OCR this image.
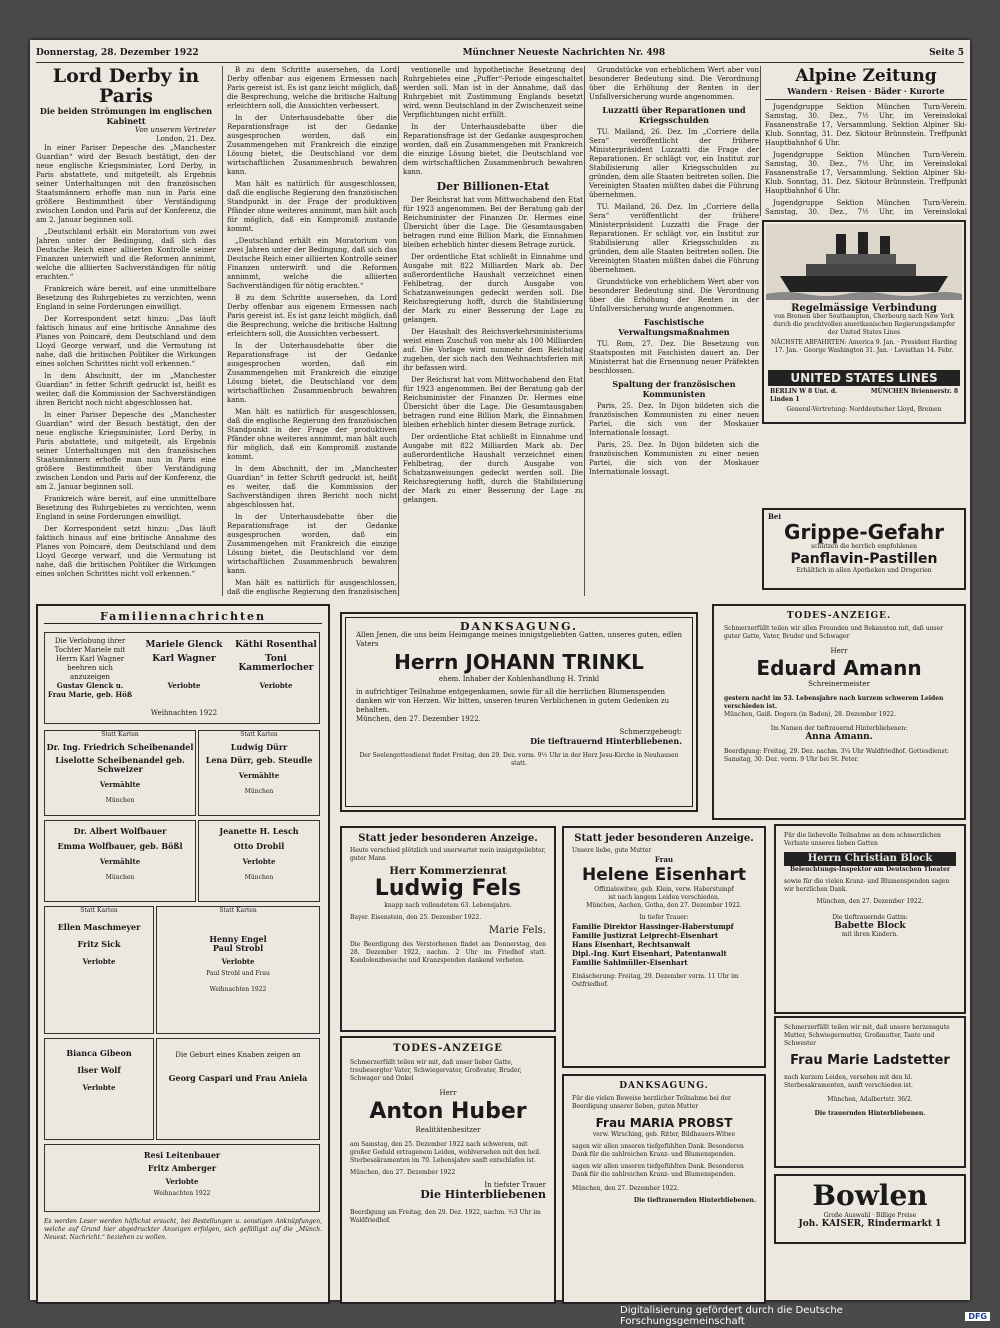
Donnerstag, 28. Dezember 1922	Münchner Neueste Nachrichten Nr. 498	Seite 5
Lord Derby in Paris
Die beiden Strömungen im englischen Kabinett
Von unserem Vertreter
London, 21. Dez.

In einer Pariser Depesche des „Manchester Guardian“ wird der Besuch bestätigt, den der neue englische Kriegsminister, Lord Derby, in Paris abstattete, und mitgeteilt, als Ergebnis seiner Unterhaltungen mit den französischen Staatsmännern erhoffe man nun in Paris eine größere Bestimmtheit über Verständigung zwischen London und Paris auf der Konferenz, die am 2. Januar beginnen soll.

„Deutschland erhält ein Moratorium von zwei Jahren unter der Bedingung, daß sich das Deutsche Reich einer alliierten Kontrolle seiner Finanzen unterwirft und die Reformen annimmt, welche die alliierten Sachverständigen für nötig erachten.“

Frankreich wäre bereit, auf eine unmittelbare Besetzung des Ruhrgebietes zu verzichten, wenn England in seine Forderungen einwilligt.

Der Korrespondent setzt hinzu: „Das läuft faktisch hinaus auf eine britische Annahme des Planes von Poincaré, dem Deutschland und dem Lloyd George verwarf, und die Vermutung ist nahe, daß die britischen Politiker die Wirkungen eines solchen Schrittes nicht voll erkennen.“

In dem Abschnitt, der im „Manchester Guardian“ in fetter Schrift gedruckt ist, heißt es weiter, daß die Kommission der Sachverständigen ihren Bericht noch nicht abgeschlossen hat.

In einer Pariser Depesche des „Manchester Guardian“ wird der Besuch bestätigt, den der neue englische Kriegsminister, Lord Derby, in Paris abstattete, und mitgeteilt, als Ergebnis seiner Unterhaltungen mit den französischen Staatsmännern erhoffe man nun in Paris eine größere Bestimmtheit über Verständigung zwischen London und Paris auf der Konferenz, die am 2. Januar beginnen soll.

Frankreich wäre bereit, auf eine unmittelbare Besetzung des Ruhrgebietes zu verzichten, wenn England in seine Forderungen einwilligt.

Der Korrespondent setzt hinzu: „Das läuft faktisch hinaus auf eine britische Annahme des Planes von Poincaré, dem Deutschland und dem Lloyd George verwarf, und die Vermutung ist nahe, daß die britischen Politiker die Wirkungen eines solchen Schrittes nicht voll erkennen.“

B zu dem Schritte ausersehen, da Lord Derby offenbar aus eigenem Ermessen nach Paris gereist ist. Es ist ganz leicht möglich, daß die Besprechung, welche die britische Haltung erleichtern soll, die Aussichten verbessert.

In der Unterhausdebatte über die Reparationsfrage ist der Gedanke ausgesprochen worden, daß ein Zusammengehen mit Frankreich die einzige Lösung bietet, die Deutschland vor dem wirtschaftlichen Zusammenbruch bewahren kann.

Man hält es natürlich für ausgeschlossen, daß die englische Regierung den französischen Standpunkt in der Frage der produktiven Pfänder ohne weiteres annimmt, man hält auch für möglich, daß ein Kompromiß zustande kommt.

„Deutschland erhält ein Moratorium von zwei Jahren unter der Bedingung, daß sich das Deutsche Reich einer alliierten Kontrolle seiner Finanzen unterwirft und die Reformen annimmt, welche die alliierten Sachverständigen für nötig erachten.“

B zu dem Schritte ausersehen, da Lord Derby offenbar aus eigenem Ermessen nach Paris gereist ist. Es ist ganz leicht möglich, daß die Besprechung, welche die britische Haltung erleichtern soll, die Aussichten verbessert.

In der Unterhausdebatte über die Reparationsfrage ist der Gedanke ausgesprochen worden, daß ein Zusammengehen mit Frankreich die einzige Lösung bietet, die Deutschland vor dem wirtschaftlichen Zusammenbruch bewahren kann.

Man hält es natürlich für ausgeschlossen, daß die englische Regierung den französischen Standpunkt in der Frage der produktiven Pfänder ohne weiteres annimmt, man hält auch für möglich, daß ein Kompromiß zustande kommt.

In dem Abschnitt, der im „Manchester Guardian“ in fetter Schrift gedruckt ist, heißt es weiter, daß die Kommission der Sachverständigen ihren Bericht noch nicht abgeschlossen hat.

In der Unterhausdebatte über die Reparationsfrage ist der Gedanke ausgesprochen worden, daß ein Zusammengehen mit Frankreich die einzige Lösung bietet, die Deutschland vor dem wirtschaftlichen Zusammenbruch bewahren kann.

Man hält es natürlich für ausgeschlossen, daß die englische Regierung den französischen

ventionelle und hypothetische Besetzung des Ruhrgebietes eine „Puffer“-Periode eingeschaltet werden soll. Man ist in der Annahme, daß das Ruhrgebiet mit Zustimmung Englands besetzt wird, wenn Deutschland in der Zwischenzeit seine Verpflichtungen nicht erfüllt.

In der Unterhausdebatte über die Reparationsfrage ist der Gedanke ausgesprochen worden, daß ein Zusammengehen mit Frankreich die einzige Lösung bietet, die Deutschland vor dem wirtschaftlichen Zusammenbruch bewahren kann.

Der Billionen-Etat

Der Reichsrat hat vom Mittwochabend den Etat für 1923 angenommen. Bei der Beratung gab der Reichsminister der Finanzen Dr. Hermes eine Übersicht über die Lage. Die Gesamtausgaben betragen rund eine Billion Mark, die Einnahmen bleiben erheblich hinter diesem Betrage zurück.

Der ordentliche Etat schließt in Einnahme und Ausgabe mit 822 Milliarden Mark ab. Der außerordentliche Haushalt verzeichnet einen Fehlbetrag, der durch Ausgabe von Schatzanweisungen gedeckt werden soll. Die Reichsregierung hofft, durch die Stabilisierung der Mark zu einer Besserung der Lage zu gelangen.

Der Haushalt des Reichsverkehrsministeriums weist einen Zuschuß von mehr als 100 Milliarden auf. Die Vorlage wird nunmehr dem Reichstag zugehen, der sich nach den Weihnachtsferien mit ihr befassen wird.

Der Reichsrat hat vom Mittwochabend den Etat für 1923 angenommen. Bei der Beratung gab der Reichsminister der Finanzen Dr. Hermes eine Übersicht über die Lage. Die Gesamtausgaben betragen rund eine Billion Mark, die Einnahmen bleiben erheblich hinter diesem Betrage zurück.

Der ordentliche Etat schließt in Einnahme und Ausgabe mit 822 Milliarden Mark ab. Der außerordentliche Haushalt verzeichnet einen Fehlbetrag, der durch Ausgabe von Schatzanweisungen gedeckt werden soll. Die Reichsregierung hofft, durch die Stabilisierung der Mark zu einer Besserung der Lage zu gelangen.

Grundstücke von erheblichem Wert aber von besonderer Bedeutung sind. Die Verordnung über die Erhöhung der Renten in der Unfallversicherung wurde angenommen.

Luzzatti über Reparationen und Kriegsschulden

TU. Mailand, 26. Dez. Im „Corriere della Sera“ veröffentlicht der frühere Ministerpräsident Luzzatti die Frage der Reparationen. Er schlägt vor, ein Institut zur Stabilisierung aller Kriegsschulden zu gründen, dem alle Staaten beitreten sollen. Die Vereinigten Staaten müßten dabei die Führung übernehmen.

TU. Mailand, 26. Dez. Im „Corriere della Sera“ veröffentlicht der frühere Ministerpräsident Luzzatti die Frage der Reparationen. Er schlägt vor, ein Institut zur Stabilisierung aller Kriegsschulden zu gründen, dem alle Staaten beitreten sollen. Die Vereinigten Staaten müßten dabei die Führung übernehmen.

Grundstücke von erheblichem Wert aber von besonderer Bedeutung sind. Die Verordnung über die Erhöhung der Renten in der Unfallversicherung wurde angenommen.

Faschistische Verwaltungsmaßnahmen

TU. Rom, 27. Dez. Die Besetzung von Staatsposten mit Faschisten dauert an. Der Ministerrat hat die Ernennung neuer Präfekten beschlossen.

Spaltung der französischen Kommunisten

Paris, 25. Dez. In Dijon bildeten sich die französischen Kommunisten zu einer neuen Partei, die sich von der Moskauer Internationale lossagt.

Paris, 25. Dez. In Dijon bildeten sich die französischen Kommunisten zu einer neuen Partei, die sich von der Moskauer Internationale lossagt.

Alpine Zeitung
Wandern · Reisen · Bäder · Kurorte

Jugendgruppe Sektion München Turn-Verein. Samstag, 30. Dez., 7½ Uhr, im Vereinslokal Fasanenstraße 17, Versammlung. Sektion Alpiner Ski-Klub. Sonntag, 31. Dez. Skitour Brünnstein. Treffpunkt Hauptbahnhof 6 Uhr.

Jugendgruppe Sektion München Turn-Verein. Samstag, 30. Dez., 7½ Uhr, im Vereinslokal Fasanenstraße 17, Versammlung. Sektion Alpiner Ski-Klub. Sonntag, 31. Dez. Skitour Brünnstein. Treffpunkt Hauptbahnhof 6 Uhr.

Jugendgruppe Sektion München Turn-Verein. Samstag, 30. Dez., 7½ Uhr, im Vereinslokal

Regelmässige Verbindung
von Bremen über Southampton, Cherbourg nach New York durch die prachtvollen amerikanischen Regierungsdampfer der United States Lines
NÄCHSTE ABFAHRTEN: America 9. Jan. · President Harding 17. Jan. · George Washington 31. Jan. · Leviathan 14. Febr.
UNITED STATES LINES
BERLIN W 8 Unt. d. Linden 1
MÜNCHEN Briennerstr. 8
General-Vertretung: Norddeutscher Lloyd, Bremen
Bei
Grippe-Gefahr
schützen die herrlich empfohlenen
Panflavin-Pastillen
Erhältlich in allen Apotheken und Drogerien
Familiennachrichten
Die Verlobung ihrer Tochter Mariele mit Herrn Karl Wagner beehren sich anzuzeigen
Gustav Glenck u. Frau Marie, geb. Höß
Mariele Glenck
Karl Wagner
Verlobte
Weihnachten 1922
Käthi Rosenthal
Toni Kammerlocher
Verlobte
Statt Karten
Dr. Ing. Friedrich Scheibenandel
Liselotte Scheibenandel geb. Schweizer
Vermählte
München
Statt Karten
Ludwig Dürr
Lena Dürr, geb. Steudle
Vermählte
München
Dr. Albert Wolfbauer
Emma Wolfbauer, geb. Bößl
Vermählte
München
Jeanette H. Lesch
Otto Drobil
Verlobte
München
Statt Karten
Ellen Maschmeyer
Fritz Sick
Verlobte
Statt Karten
Henny Engel
Paul Strobl
Verlobte
Paul Strobl und Frau
Weihnachten 1922
Bianca Gibeon
Ilser Wolf
Verlobte
Die Geburt eines Knaben zeigen an
Georg Caspari und Frau Aniela
Resi Leitenbauer
Fritz Amberger
Verlobte
Weihnachten 1922
Es werden Leser werden höflichst ersucht, bei Bestellungen u. sonstigen Anknüpfungen, welche auf Grund hier abgedruckter Anzeigen erfolgen, sich gefälligst auf die „Münch. Neuest. Nachricht.“ beziehen zu wollen.
DANKSAGUNG.
Allen Jenen, die uns beim Heimgange meines innigstgeliebten Gatten, unseres guten, edlen Vaters
Herrn JOHANN TRINKL
ehem. Inhaber der Kohlenhandlung H. Trinkl
in aufrichtiger Teilnahme entgegenkamen, sowie für all die herrlichen Blumenspenden danken wir von Herzen. Wir bitten, unseren teuren Verblichenen in gutem Gedenken zu behalten.
München, den 27. Dezember 1922.
Schmerzgebeugt:
Die tieftrauernd Hinterbliebenen.
Der Seelengottesdienst findet Freitag, den 29. Dez. vorm. 9½ Uhr in der Herz Jesu-Kirche in Neuhausen statt.
TODES-ANZEIGE.
Schmerzerfüllt teilen wir allen Freunden und Bekannten mit, daß unser guter Gatte, Vater, Bruder und Schwager
Herr
Eduard Amann
Schreinermeister
gestern nacht im 53. Lebensjahre nach kurzem schwerem Leiden verschieden ist.
München, Gaiß. Dogern (in Baden), 28. Dezember 1922.
Im Namen der tieftrauernd Hinterbliebenen:
Anna Amann.
Beerdigung: Freitag, 29. Dez. nachm. 3¼ Uhr Waldfriedhof. Gottesdienst: Samstag, 30. Dez. vorm. 9 Uhr bei St. Peter.
Statt jeder besonderen Anzeige.
Heute verschied plötzlich und unerwartet mein innigstgeliebter, guter Mann
Herr Kommerzienrat
Ludwig Fels
knapp nach vollendetem 63. Lebensjahre.
Bayer. Eisenstein, den 25. Dezember 1922.
Marie Fels.
Die Beerdigung des Verstorbenen findet am Donnerstag, den 28. Dezember 1922, nachm. 2 Uhr im Friedhof statt. Kondolenzbesuche und Kranzspenden dankend verbeten.
Statt jeder besonderen Anzeige.
Unsere liebe, gute Mutter
Frau
Helene Eisenhart
Offizialswitwe, geb. Klein, verw. Haberstumpf
ist nach langem Leiden verschieden.
München, Aachen, Gotha, den 27. Dezember 1922.
In tiefer Trauer:
Familie Direktor Hassinger-Haberstumpf
Familie Justizrat Leiprecht-Eisenhart
Hans Eisenhart, Rechtsanwalt
Dipl.-Ing. Kurt Eisenhart, Patentanwalt
Familie Sahlmüller-Eisenhart
Einäscherung: Freitag, 29. Dezember vorm. 11 Uhr im Ostfriedhof.
Für die liebevolle Teilnahme an dem schmerzlichen Verluste unseres lieben Gatten
Herrn Christian Block
Beleuchtungs-Inspektor am Deutschen Theater
sowie für die vielen Kranz- und Blumenspenden sagen wir herzlichen Dank.
München, den 27. Dezember 1922.
Die tieftrauernde Gattin:
Babette Block
mit ihren Kindern.
TODES-ANZEIGE
Schmerzerfüllt teilen wir mit, daß unser lieber Gatte, treubesorgter Vater, Schwiegervater, Großvater, Bruder, Schwager und Onkel
Herr
Anton Huber
Realitätenbesitzer
am Samstag, den 25. Dezember 1922 nach schwerem, mit großer Geduld ertragenem Leiden, wohlversehen mit den heil. Sterbesakramenten im 70. Lebensjahre sanft entschlafen ist.
München, den 27. Dezember 1922
In tiefster Trauer
Die Hinterbliebenen
Beerdigung am Freitag, den 29. Dez. 1922, nachm. ½3 Uhr im Waldfriedhof.
DANKSAGUNG.
Für die vielen Beweise herzlicher Teilnahme bei der Beerdigung unserer lieben, guten Mutter
Frau MARIA PROBST
verw. Wirsching, geb. Ritter, Bildhauers-Witwe
sagen wir allen unseren tiefgefühlten Dank. Besonderen Dank für die zahlreichen Kranz- und Blumenspenden.
sagen wir allen unseren tiefgefühlten Dank. Besonderen Dank für die zahlreichen Kranz- und Blumenspenden.
München, den 27. Dezember 1922.
Die tieftrauernden Hinterbliebenen.
Schmerzerfüllt teilen wir mit, daß unsere herzensgute Mutter, Schwiegermutter, Großmutter, Tante und Schwester
Frau Marie Ladstetter
nach kurzem Leiden, versehen mit den hl. Sterbesakramenten, sanft verschieden ist.
München, Adalbertstr. 36/2.
Die trauernden Hinterbliebenen.
Bowlen
Große Auswahl · Billige Preise
Joh. KAISER, Rindermarkt 1
Digitalisierung gefördert durch die Deutsche Forschungsgemeinschaft	DFG
